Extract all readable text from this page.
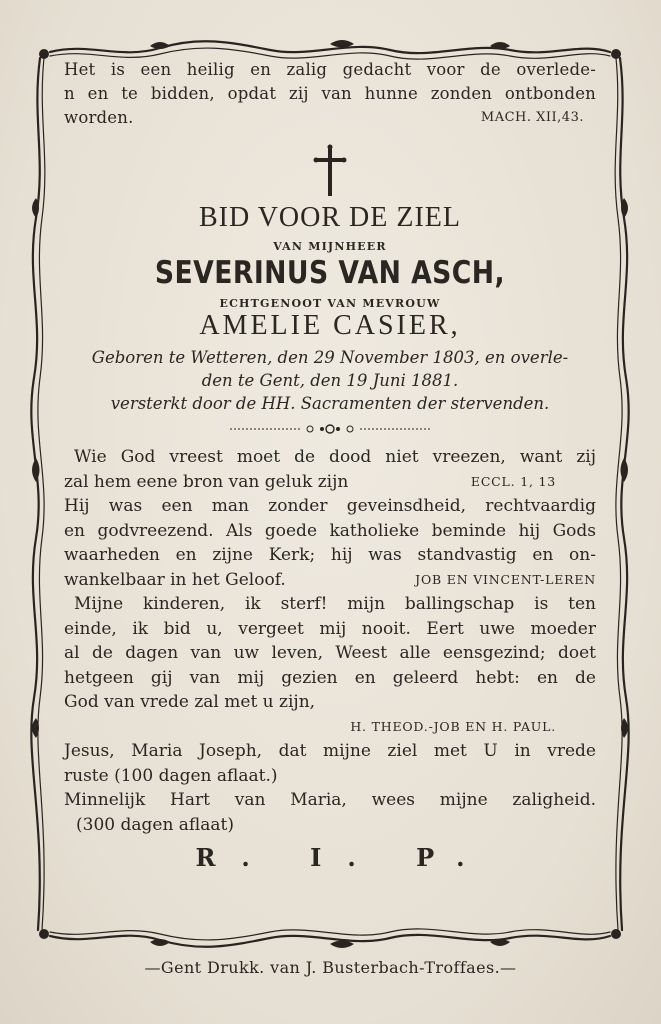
Het is een heilig en zalig gedacht voor de overlede-
n en te bidden, opdat zij van hunne zonden ontbonden
worden.	MACH. XII,43.
BID VOOR DE ZIEL
VAN MIJNHEER
SEVERINUS VAN ASCH,
ECHTGENOOT VAN MEVROUW
AMELIE CASIER,
Geboren te Wetteren, den 29 November 1803, en overle-
den te Gent, den 19 Juni 1881.
versterkt door de HH. Sacramenten der stervenden.
Wie God vreest moet de dood niet vreezen, want zij
zal hem eene bron van geluk zijn	ECCL. 1, 13
Hij was een man zonder geveinsdheid, rechtvaardig
en godvreezend. Als goede katholieke beminde hij Gods
waarheden en zijne Kerk; hij was standvastig en on-
wankelbaar in het Geloof.	JOB EN VINCENT-LEREN
Mijne kinderen, ik sterf! mijn ballingschap is ten
einde, ik bid u, vergeet mij nooit. Eert uwe moeder
al de dagen van uw leven, Weest alle eensgezind; doet
hetgeen gij van mij gezien en geleerd hebt: en de
God van vrede zal met u zijn,
H. THEOD.-JOB EN H. PAUL.
Jesus, Maria Joseph, dat mijne ziel met U in vrede
ruste (100 dagen aflaat.)
Minnelijk Hart van Maria, wees mijne zaligheid.
(300 dagen aflaat)
R. I. P.
—Gent Drukk. van J. Busterbach-Troffaes.—
